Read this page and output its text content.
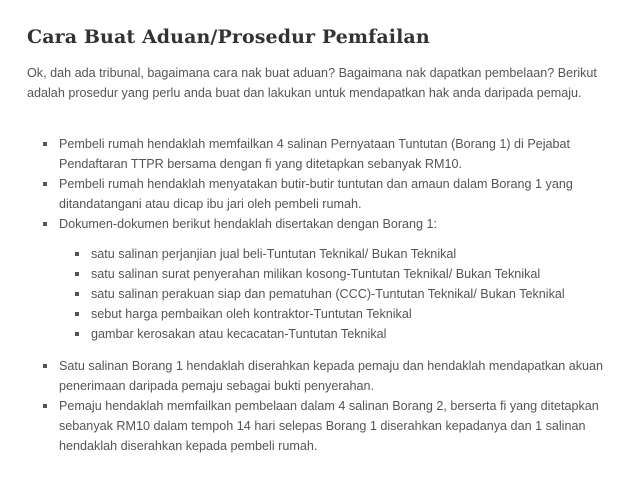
Cara Buat Aduan/Prosedur Pemfailan

Ok, dah ada tribunal, bagaimana cara nak buat aduan? Bagaimana nak dapatkan pembelaan? Berikut adalah prosedur yang perlu anda buat dan lakukan untuk mendapatkan hak anda daripada pemaju.

Pembeli rumah hendaklah memfailkan 4 salinan Pernyataan Tuntutan (Borang 1) di Pejabat Pendaftaran TTPR bersama dengan fi yang ditetapkan sebanyak RM10.
Pembeli rumah hendaklah menyatakan butir-butir tuntutan dan amaun dalam Borang 1 yang ditandatangani atau dicap ibu jari oleh pembeli rumah.
Dokumen-dokumen berikut hendaklah disertakan dengan Borang 1:
satu salinan perjanjian jual beli-Tuntutan Teknikal/ Bukan Teknikal
satu salinan surat penyerahan milikan kosong-Tuntutan Teknikal/ Bukan Teknikal
satu salinan perakuan siap dan pematuhan (CCC)-Tuntutan Teknikal/ Bukan Teknikal
sebut harga pembaikan oleh kontraktor-Tuntutan Teknikal
gambar kerosakan atau kecacatan-Tuntutan Teknikal
Satu salinan Borang 1 hendaklah diserahkan kepada pemaju dan hendaklah mendapatkan akuan penerimaan daripada pemaju sebagai bukti penyerahan.
Pemaju hendaklah memfailkan pembelaan dalam 4 salinan Borang 2, berserta fi yang ditetapkan sebanyak RM10 dalam tempoh 14 hari selepas Borang 1 diserahkan kepadanya dan 1 salinan hendaklah diserahkan kepada pembeli rumah.
